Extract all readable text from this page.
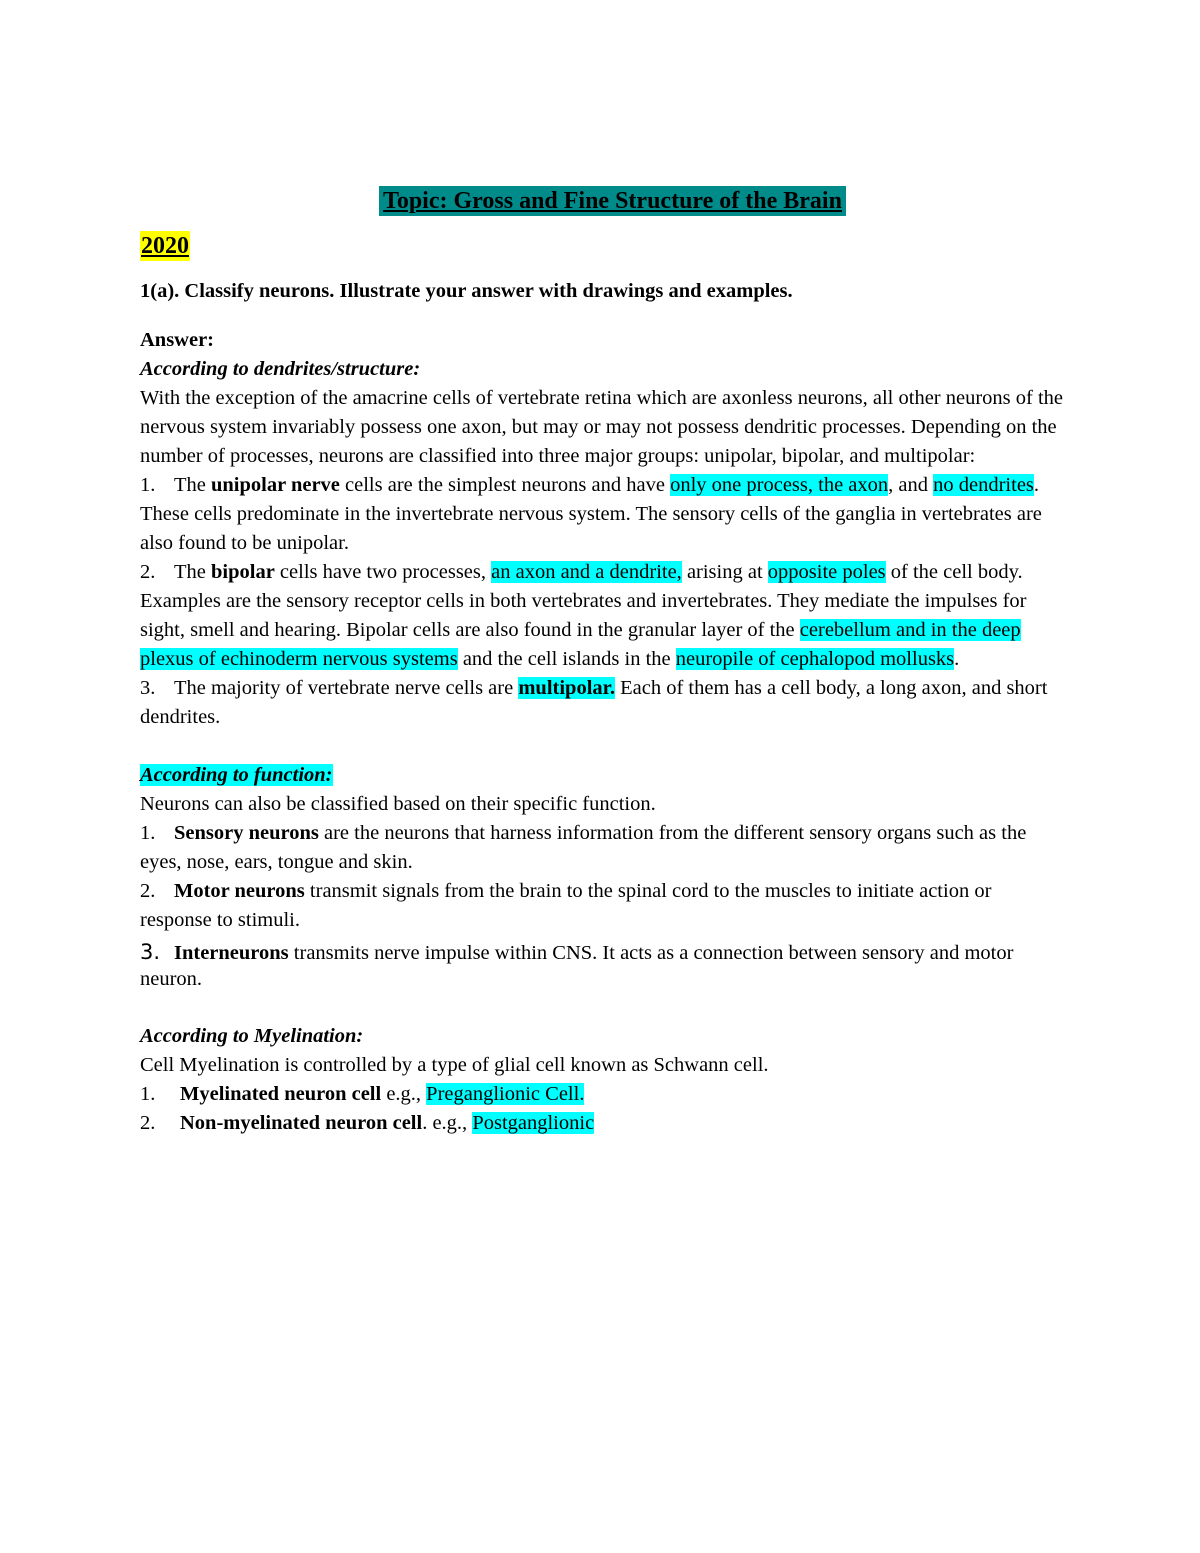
Topic: Gross and Fine Structure of the Brain
2020

1(a). Classify neurons. Illustrate your answer with drawings and examples.

Answer:

According to dendrites/structure:

With the exception of the amacrine cells of vertebrate retina which are axonless neurons, all other neurons of the nervous system invariably possess one axon, but may or may not possess dendritic processes. Depending on the number of processes, neurons are classified into three major groups: unipolar, bipolar, and multipolar:

1. The unipolar nerve cells are the simplest neurons and have only one process, the axon, and no dendrites. These cells predominate in the invertebrate nervous system. The sensory cells of the ganglia in vertebrates are also found to be unipolar.

2. The bipolar cells have two processes, an axon and a dendrite, arising at opposite poles of the cell body. Examples are the sensory receptor cells in both vertebrates and invertebrates. They mediate the impulses for sight, smell and hearing. Bipolar cells are also found in the granular layer of the cerebellum and in the deep plexus of echinoderm nervous systems and the cell islands in the neuropile of cephalopod mollusks.

3. The majority of vertebrate nerve cells are multipolar. Each of them has a cell body, a long axon, and short dendrites.

According to function:

Neurons can also be classified based on their specific function.

1. Sensory neurons are the neurons that harness information from the different sensory organs such as the eyes, nose, ears, tongue and skin.

2. Motor neurons transmit signals from the brain to the spinal cord to the muscles to initiate action or response to stimuli.

3. Interneurons transmits nerve impulse within CNS. It acts as a connection between sensory and motor neuron.

According to Myelination:

Cell Myelination is controlled by a type of glial cell known as Schwann cell.

1. Myelinated neuron cell e.g., Preganglionic Cell.

2. Non-myelinated neuron cell. e.g., Postganglionic
